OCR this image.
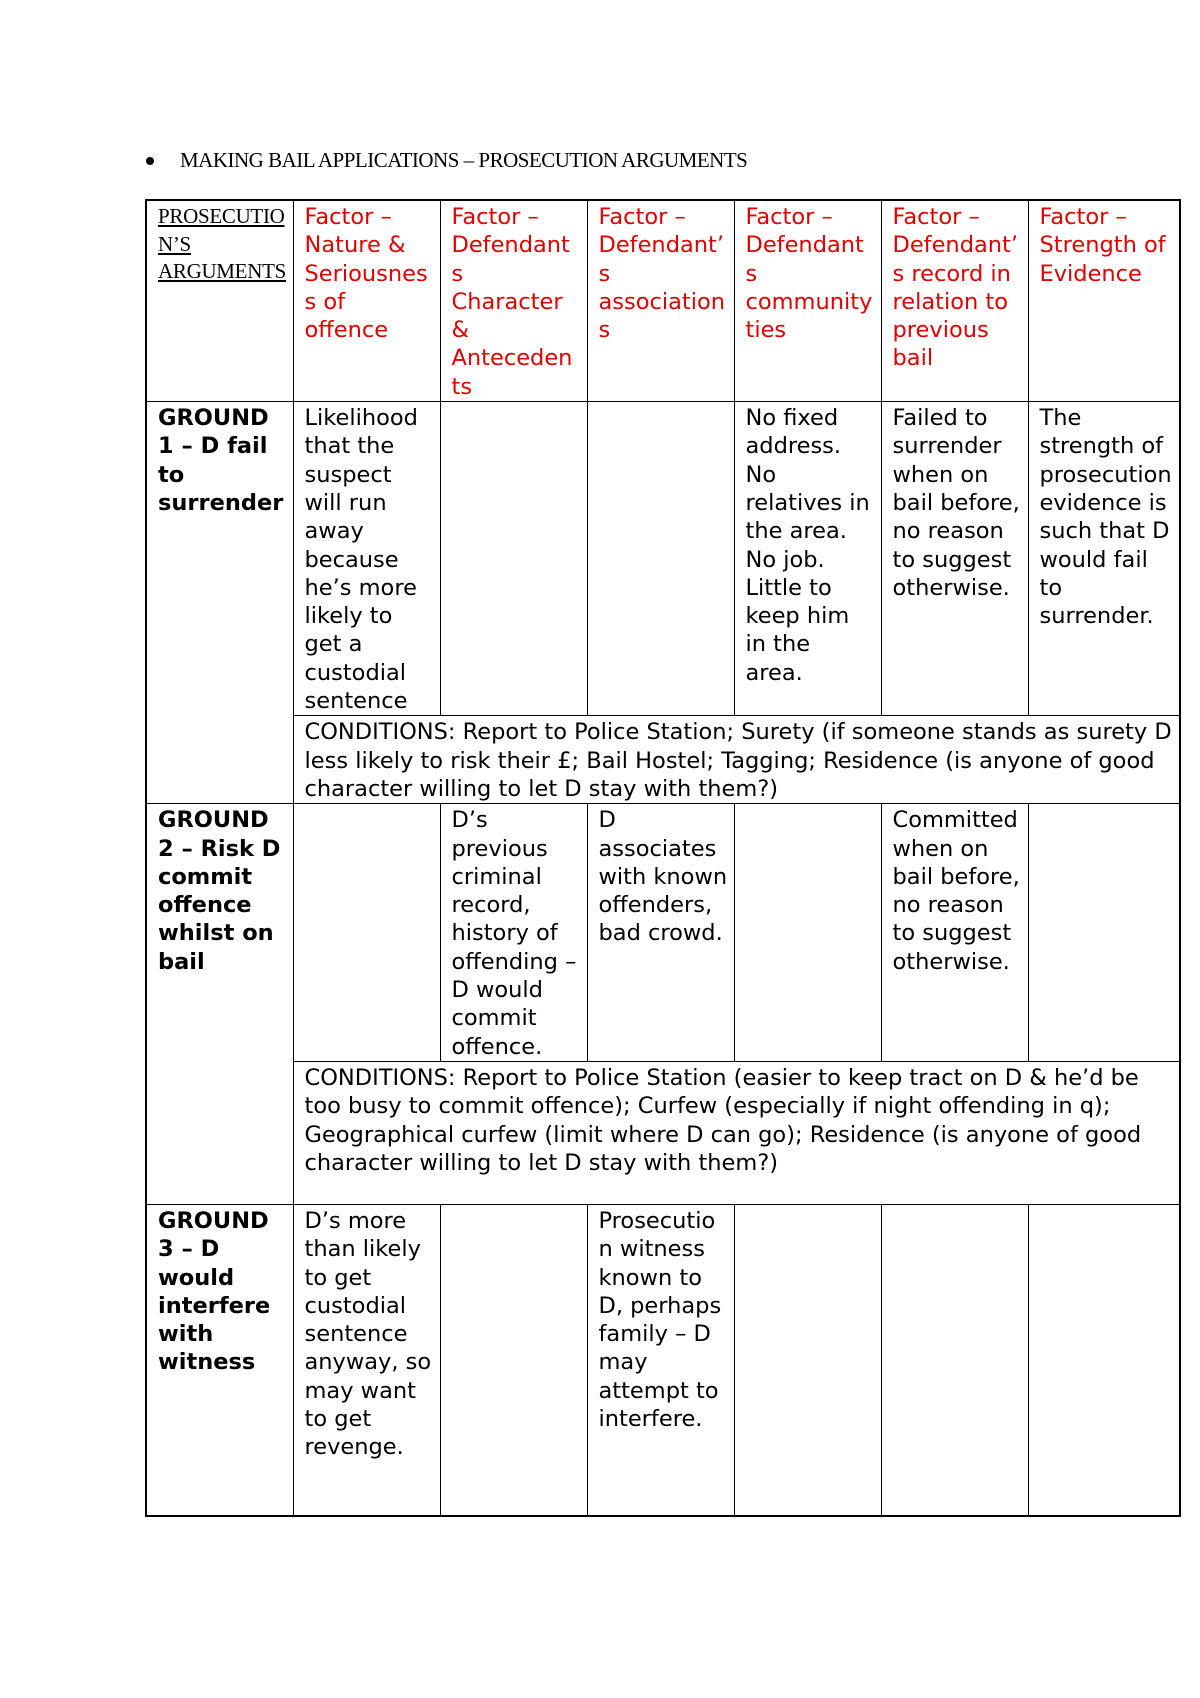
MAKING BAIL APPLICATIONS – PROSECUTION ARGUMENTS
PROSECUTION’S ARGUMENTS	Factor – Nature & Seriousness of offence	Factor – Defendants Character & Antecedents	Factor – Defendant’s associations	Factor – Defendants community ties	Factor – Defendant’s record in relation to previous bail	Factor – Strength of Evidence
GROUND 1 – D fail to surrender	Likelihood that the suspect will run away because he’s more likely to get a custodial sentence			No fixed address. No relatives in the area. No job. Little to keep him in the area.	Failed to surrender when on bail before, no reason to suggest otherwise.	The strength of prosecution evidence is such that D would fail to surrender.
	CONDITIONS: Report to Police Station; Surety (if someone stands as surety D less likely to risk their £; Bail Hostel; Tagging; Residence (is anyone of good character willing to let D stay with them?)					
GROUND 2 – Risk D commit offence whilst on bail		D’s previous criminal record, history of offending – D would commit offence.	D associates with known offenders, bad crowd.		Committed when on bail before, no reason to suggest otherwise.	
	CONDITIONS: Report to Police Station (easier to keep tract on D & he’d be too busy to commit offence); Curfew (especially if night offending in q); Geographical curfew (limit where D can go); Residence (is anyone of good character willing to let D stay with them?)					
GROUND 3 – D would interfere with witness	D’s more than likely to get custodial sentence anyway, so may want to get revenge.		Prosecution witness known to D, perhaps family – D may attempt to interfere.			
